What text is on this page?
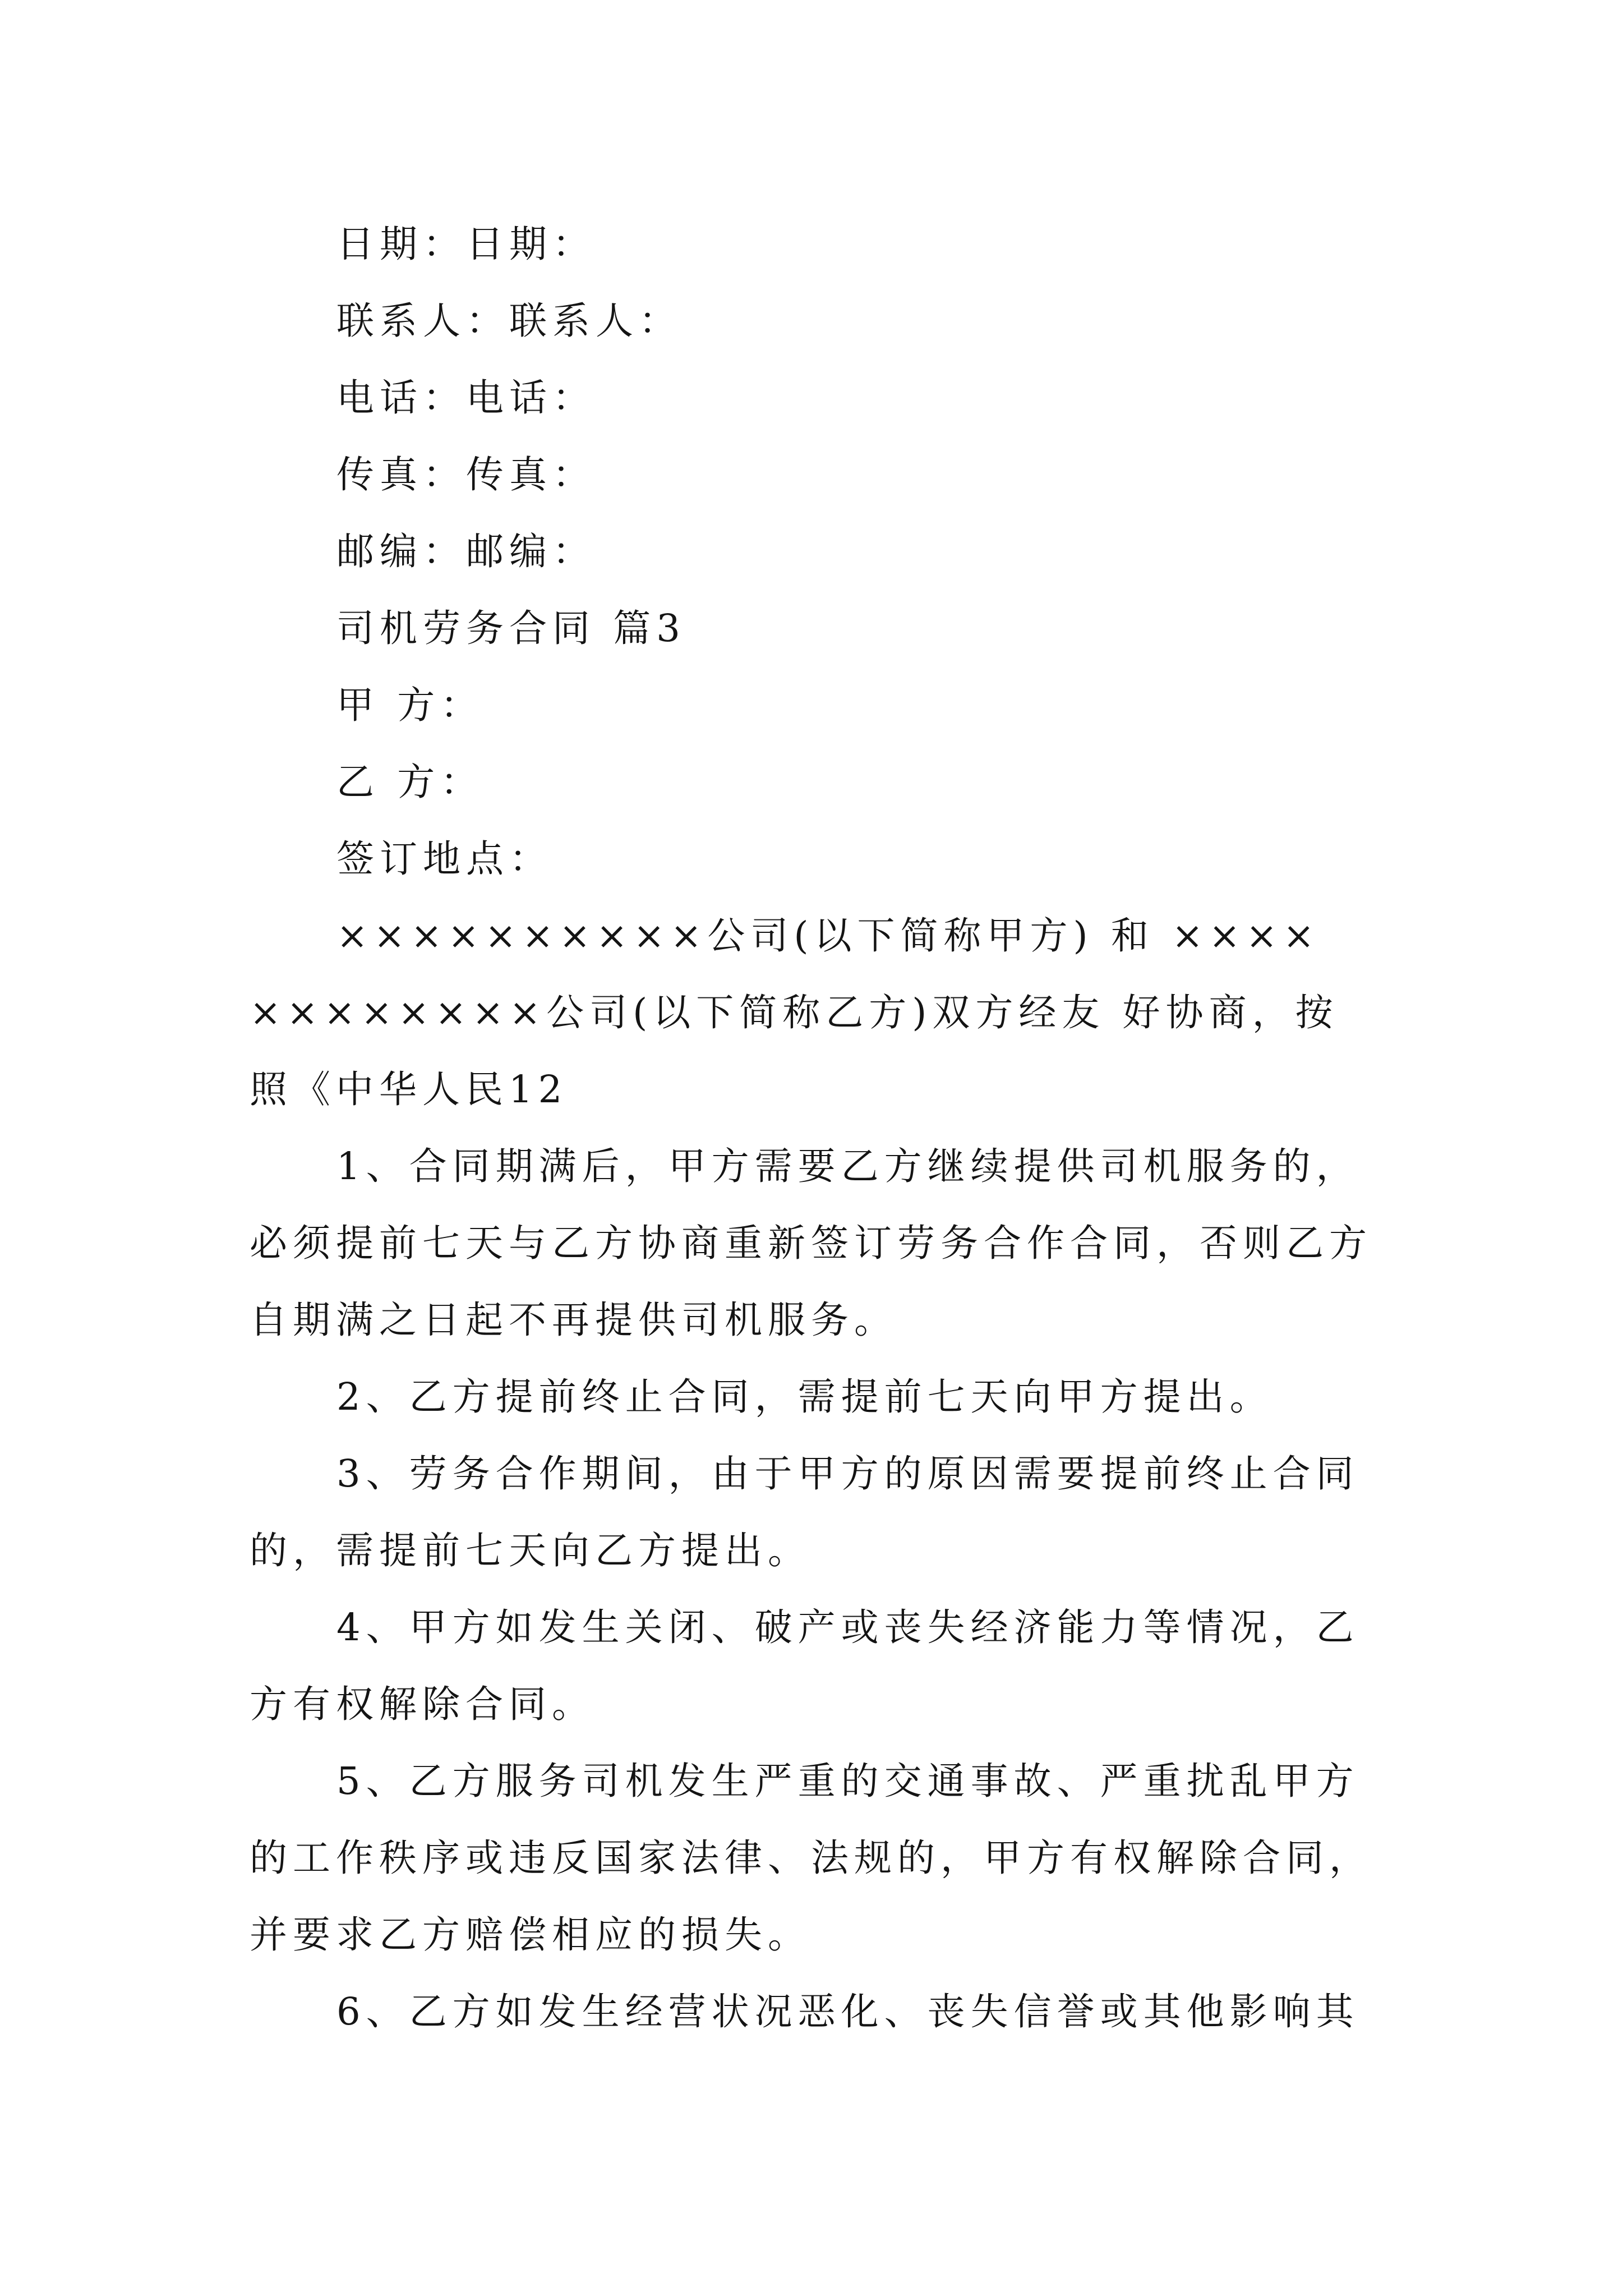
日期：日期：
联系人：联系人：
电话：电话：
传真：传真：
邮编：邮编：
司机劳务合同 篇3
甲 方：
乙 方：
签订地点：
××××××××××公司(以下简称甲方) 和 ××××
××××××××公司(以下简称乙方)双方经友 好协商，按
照《中华人民12
1、合同期满后，甲方需要乙方继续提供司机服务的，
必须提前七天与乙方协商重新签订劳务合作合同，否则乙方
自期满之日起不再提供司机服务。
2、乙方提前终止合同，需提前七天向甲方提出。
3、劳务合作期间，由于甲方的原因需要提前终止合同
的，需提前七天向乙方提出。
4、甲方如发生关闭、破产或丧失经济能力等情况，乙
方有权解除合同。
5、乙方服务司机发生严重的交通事故、严重扰乱甲方
的工作秩序或违反国家法律、法规的，甲方有权解除合同，
并要求乙方赔偿相应的损失。
6、乙方如发生经营状况恶化、丧失信誉或其他影响其
